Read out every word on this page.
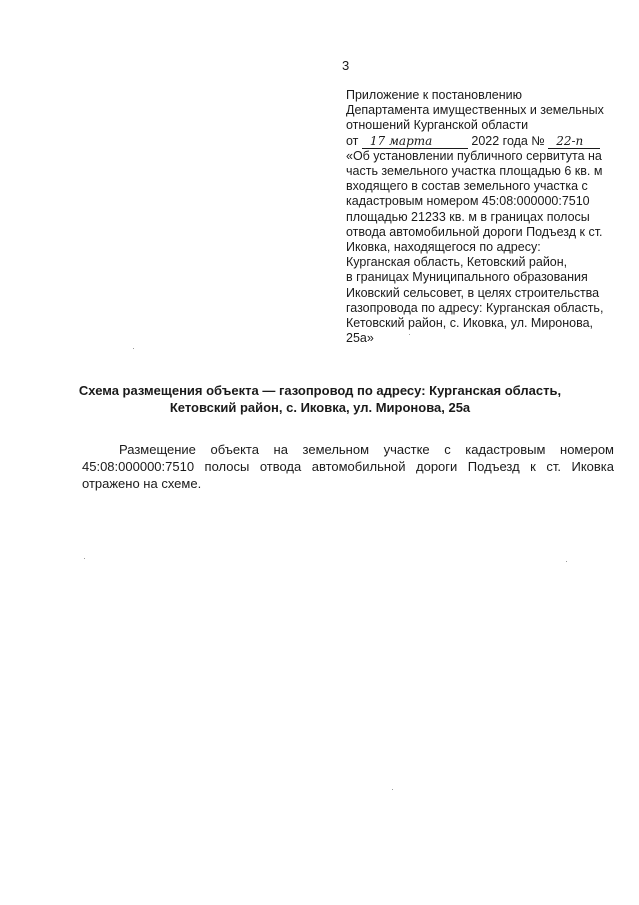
3
Приложение к постановлению
Департамента имущественных и земельных
отношений Курганской области
от 17 марта	2022 года № 22-п
«Об установлении публичного сервитута на
часть земельного участка площадью 6 кв. м
входящего в состав земельного участка с
кадастровым номером 45:08:000000:7510
площадью 21233 кв. м в границах полосы
отвода автомобильной дороги Подъезд к ст.
Иковка, находящегося по адресу:
Курганская область, Кетовский район,
в границах Муниципального образования
Иковский сельсовет, в целях строительства
газопровода по адресу: Курганская область,
Кетовский район, с. Иковка, ул. Миронова,
25а»
Схема размещения объекта — газопровод по адресу: Курганская область,
Кетовский район, с. Иковка, ул. Миронова, 25а
Размещение объекта на земельном участке с кадастровым номером 45:08:000000:7510 полосы отвода автомобильной дороги Подъезд к ст. Иковка отражено на схеме.
